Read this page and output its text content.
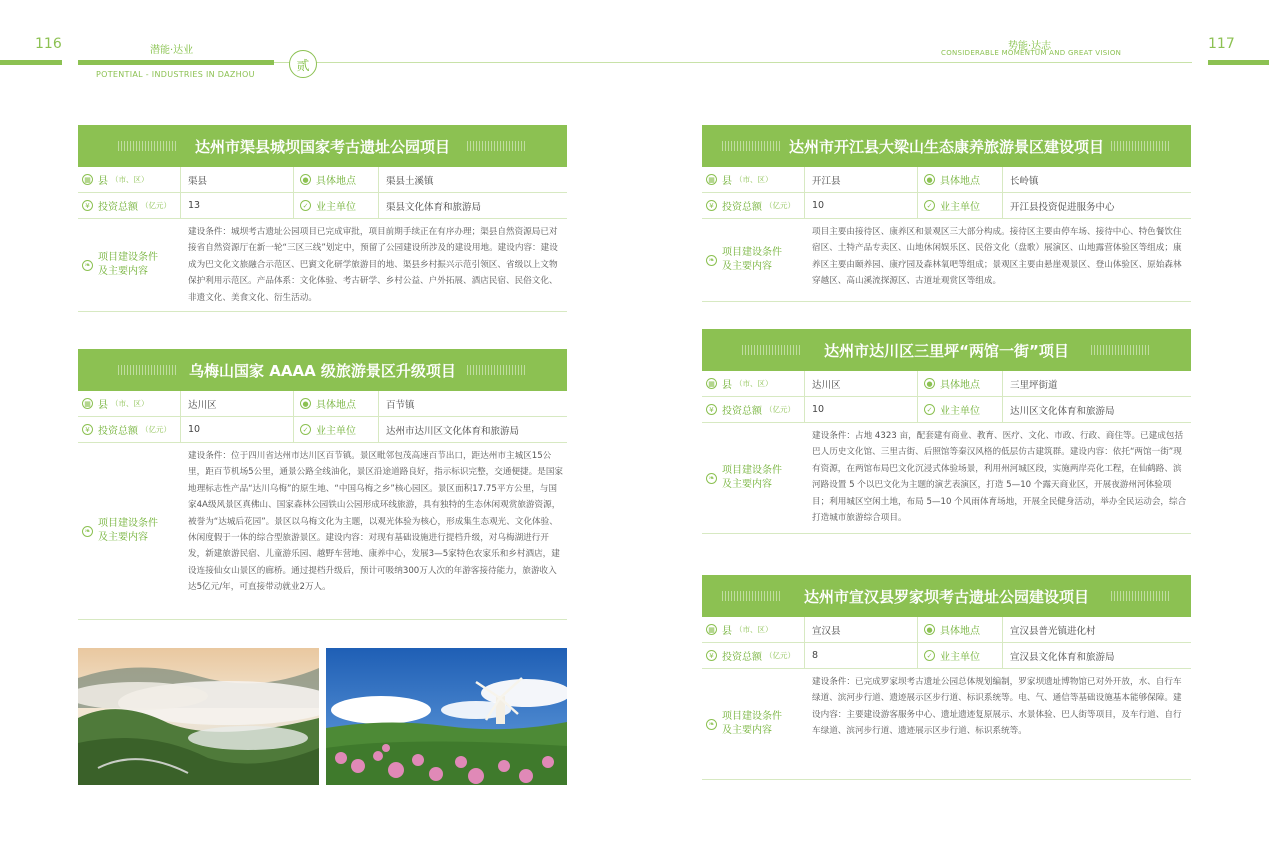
116	117
潜能·达业
POTENTIAL - INDUSTRIES IN DAZHOU
贰
势能·达志
CONSIDERABLE MOMENTUM AND GREAT VISION
达州市渠县城坝国家考古遗址公园项目
▦ 县 （市、区）	渠县	● 具体地点	渠县土溪镇
¥ 投资总额 （亿元） 13	✓ 业主单位	渠县文化体育和旅游局
❧
项目建设条件
及主要内容
建设条件：城坝考古遗址公园项目已完成审批，项目前期手续正在有序办理；渠县自然资源局已对接省自然资源厅在新一轮“三区三线”划定中，预留了公园建设所涉及的建设用地。建设内容：建设成为巴文化文旅融合示范区、巴賨文化研学旅游目的地、渠县乡村振兴示范引领区、省级以上文物保护利用示范区。产品体系：文化体验、考古研学、乡村公益、户外拓展、酒店民宿、民俗文化、非遗文化、美食文化、衍生活动。
乌梅山国家 AAAA 级旅游景区升级项目
▦ 县 （市、区）	达川区	● 具体地点	百节镇
¥ 投资总额 （亿元） 10	✓ 业主单位	达州市达川区文化体育和旅游局
❧
项目建设条件
及主要内容
建设条件：位于四川省达州市达川区百节镇。景区毗邻包茂高速百节出口，距达州市主城区15公里，距百节机场5公里，通景公路全线油化，景区沿途道路良好，指示标识完整，交通便捷。是国家地理标志性产品“达川乌梅”的原生地、“中国乌梅之乡”核心园区。景区面积17.75平方公里，与国家4A级风景区真佛山、国家森林公园铁山公园形成环线旅游，具有独特的生态休闲观赏旅游资源，被誉为“达城后花园”。景区以乌梅文化为主题，以观光体验为核心，形成集生态观光、文化体验、休闲度假于一体的综合型旅游景区。建设内容：对现有基础设施进行提档升级，对乌梅湖进行开发，新建旅游民宿、儿童游乐园、越野车营地、康养中心，发展3—5家特色农家乐和乡村酒店，建设连接仙女山景区的廊桥。通过提档升级后，预计可吸纳300万人次的年游客接待能力，旅游收入达5亿元/年，可直接带动就业2万人。
达州市开江县大梁山生态康养旅游景区建设项目
▦ 县 （市、区）	开江县	● 具体地点	长岭镇
¥ 投资总额 （亿元） 10	✓ 业主单位	开江县投资促进服务中心
❧
项目建设条件
及主要内容
项目主要由接待区、康养区和景观区三大部分构成。接待区主要由停车场、接待中心、特色餐饮住宿区、土特产品专卖区、山地休闲娱乐区、民俗文化（盘歌）展演区、山地露营体验区等组成；康养区主要由颐养园、康疗园及森林氧吧等组成；景观区主要由悬崖观景区、登山体验区、原始森林穿越区、高山溪流探源区、古道址观赏区等组成。
达州市达川区三里坪“两馆一街”项目
▦ 县 （市、区）	达川区	● 具体地点	三里坪街道
¥ 投资总额 （亿元） 10	✓ 业主单位	达川区文化体育和旅游局
❧
项目建设条件
及主要内容
建设条件：占地 4323 亩，配套建有商业、教育、医疗、文化、市政、行政、商住等。已建成包括巴人历史文化馆、三里古街、后照馆等秦汉风格的低层仿古建筑群。建设内容：依托“两馆一街”现有资源，在两馆布局巴文化沉浸式体验场景，利用州河城区段，实施两岸亮化工程，在仙鹤路、滨河路设置 5 个以巴文化为主题的演艺表演区，打造 5—10 个露天商业区，开展夜游州河体验项目；利用城区空闲土地，布局 5—10 个风雨体育场地，开展全民健身活动，举办全民运动会，综合打造城市旅游综合项目。
达州市宣汉县罗家坝考古遗址公园建设项目
▦ 县 （市、区）	宣汉县	● 具体地点	宣汉县普光镇进化村
¥ 投资总额 （亿元） 8	✓ 业主单位	宣汉县文化体育和旅游局
❧
项目建设条件
及主要内容
建设条件：已完成罗家坝考古遗址公园总体规划编制，罗家坝遗址博物馆已对外开放，水、自行车绿道、滨河步行道、遗迹展示区步行道、标识系统等。电、气、通信等基础设施基本能够保障。建设内容：主要建设游客服务中心、遗址遗迹复原展示、水景体验、巴人街等项目，及车行道、自行车绿道、滨河步行道、遗迹展示区步行道、标识系统等。
